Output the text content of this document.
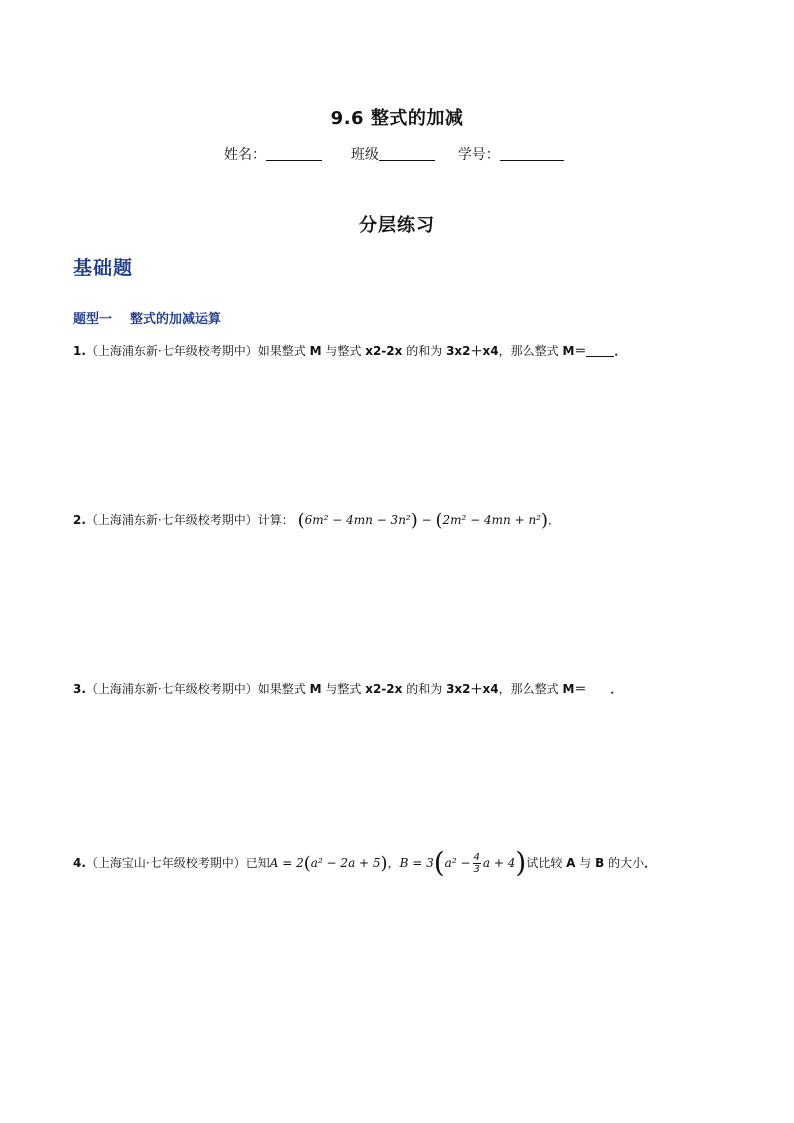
9.6 整式的加减
姓名：	班级	学号：
分层练习
基础题
题型一 整式的加减运算
1.（上海浦东新·七年级校考期中）如果整式 M 与整式 x2-2x 的和为 3x2＋x4，那么整式 M＝ ．
2.（上海浦东新·七年级校考期中）计算： (6m² − 4mn − 3n²) − (2m² − 4mn + n²)．
3.（上海浦东新·七年级校考期中）如果整式 M 与整式 x2-2x 的和为 3x2＋x4，那么整式 M＝ ．
4.（上海宝山·七年级校考期中）已知A = 2(a² − 2a + 5)，$B = 3(a^2 - \frac{4}{3}$ a + 4)试比较 A 与 B 的大小．
